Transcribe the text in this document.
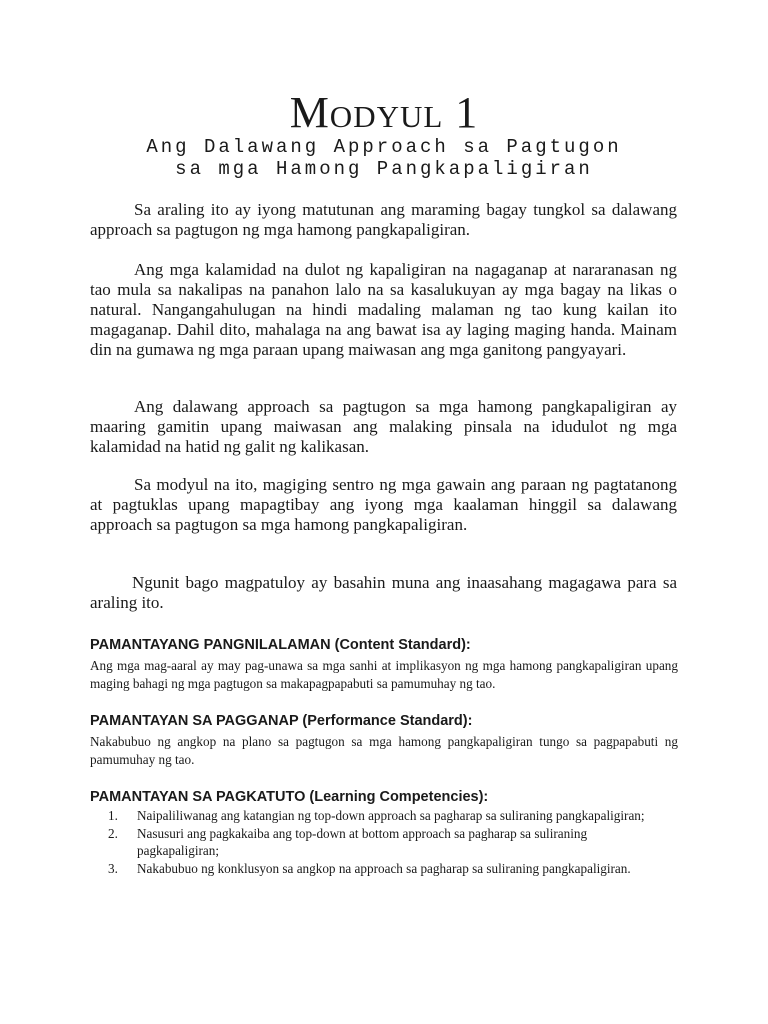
Modyul 1
Ang Dalawang Approach sa Pagtugon
sa mga Hamong Pangkapaligiran

Sa araling ito ay iyong matutunan ang maraming bagay tungkol sa dalawang approach sa pagtugon ng mga hamong pangkapaligiran.

Ang mga kalamidad na dulot ng kapaligiran na nagaganap at nararanasan ng tao mula sa nakalipas na panahon lalo na sa kasalukuyan ay mga bagay na likas o natural. Nangangahulugan na hindi madaling malaman ng tao kung kailan ito magaganap. Dahil dito, mahalaga na ang bawat isa ay laging maging handa. Mainam din na gumawa ng mga paraan upang maiwasan ang mga ganitong pangyayari.

Ang dalawang approach sa pagtugon sa mga hamong pangkapaligiran ay maaring gamitin upang maiwasan ang malaking pinsala na idudulot ng mga kalamidad na hatid ng galit ng kalikasan.

Sa modyul na ito, magiging sentro ng mga gawain ang paraan ng pagtatanong at pagtuklas upang mapagtibay ang iyong mga kaalaman hinggil sa dalawang approach sa pagtugon sa mga hamong pangkapaligiran.

Ngunit bago magpatuloy ay basahin muna ang inaasahang magagawa para sa araling ito.

PAMANTAYANG PANGNILALAMAN (Content Standard):

Ang mga mag-aaral ay may pag-unawa sa mga sanhi at implikasyon ng mga hamong pangkapaligiran upang maging bahagi ng mga pagtugon sa makapagpapabuti sa pamumuhay ng tao.

PAMANTAYAN SA PAGGANAP (Performance Standard):

Nakabubuo ng angkop na plano sa pagtugon sa mga hamong pangkapaligiran tungo sa pagpapabuti ng pamumuhay ng tao.

PAMANTAYAN SA PAGKATUTO (Learning Competencies):
1.	Naipaliliwanag ang katangian ng top-down approach sa pagharap sa suliraning pangkapaligiran;
2.	Nasusuri ang pagkakaiba ang top-down at bottom approach sa pagharap sa suliraning pagkapaligiran;
3.	Nakabubuo ng konklusyon sa angkop na approach sa pagharap sa suliraning pangkapaligiran.
